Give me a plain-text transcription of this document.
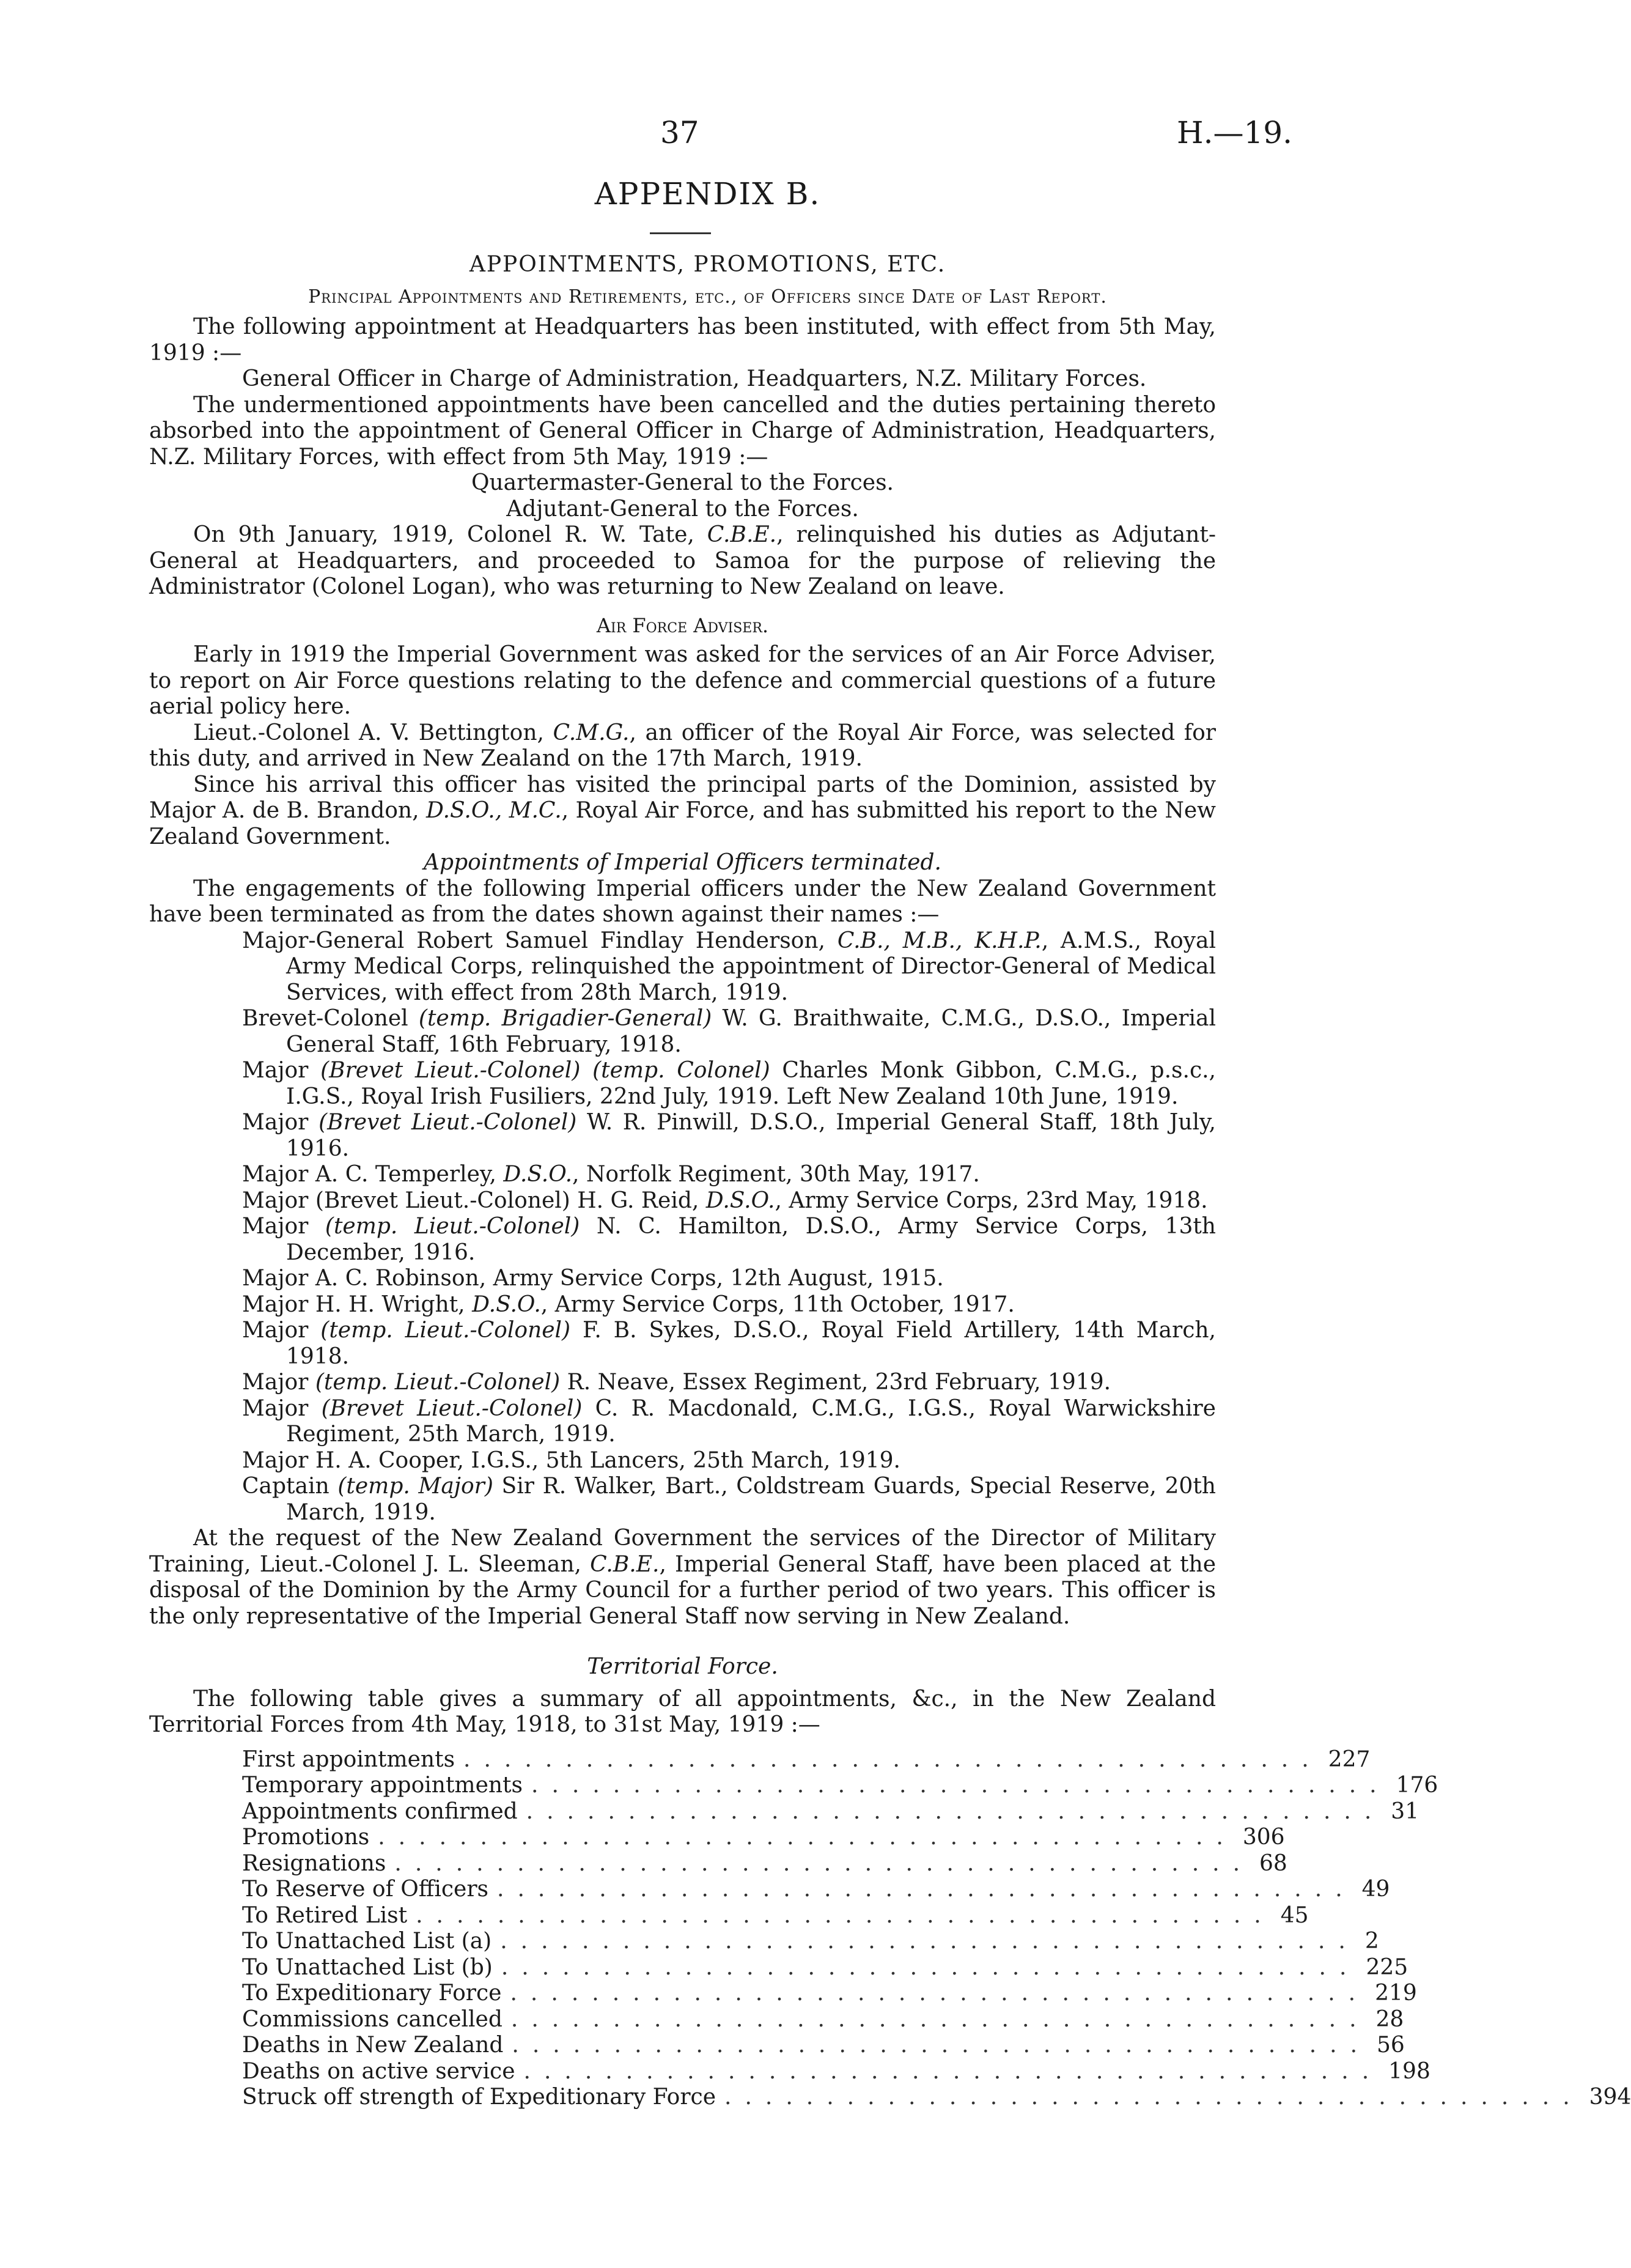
37	H.—19.
APPENDIX B.
APPOINTMENTS, PROMOTIONS, ETC.
Principal Appointments and Retirements, etc., of Officers since Date of Last Report.

The following appointment at Headquarters has been instituted, with effect from 5th May, 1919 :—

General Officer in Charge of Administration, Headquarters, N.Z. Military Forces.

The undermentioned appointments have been cancelled and the duties pertaining thereto absorbed into the appointment of General Officer in Charge of Administration, Headquarters, N.Z. Military Forces, with effect from 5th May, 1919 :—

Quartermaster-General to the Forces.

Adjutant-General to the Forces.

On 9th January, 1919, Colonel R. W. Tate, C.B.E., relinquished his duties as Adjutant-General at Headquarters, and proceeded to Samoa for the purpose of relieving the Administrator (Colonel Logan), who was returning to New Zealand on leave.

Air Force Adviser.

Early in 1919 the Imperial Government was asked for the services of an Air Force Adviser, to report on Air Force questions relating to the defence and commercial questions of a future aerial policy here.

Lieut.-Colonel A. V. Bettington, C.M.G., an officer of the Royal Air Force, was selected for this duty, and arrived in New Zealand on the 17th March, 1919.

Since his arrival this officer has visited the principal parts of the Dominion, assisted by Major A. de B. Brandon, D.S.O., M.C., Royal Air Force, and has submitted his report to the New Zealand Government.

Appointments of Imperial Officers terminated.

The engagements of the following Imperial officers under the New Zealand Government have been terminated as from the dates shown against their names :—

Major-General Robert Samuel Findlay Henderson, C.B., M.B., K.H.P., A.M.S., Royal Army Medical Corps, relinquished the appointment of Director-General of Medical Services, with effect from 28th March, 1919.

Brevet-Colonel (temp. Brigadier-General) W. G. Braithwaite, C.M.G., D.S.O., Imperial General Staff, 16th February, 1918.

Major (Brevet Lieut.-Colonel) (temp. Colonel) Charles Monk Gibbon, C.M.G., p.s.c., I.G.S., Royal Irish Fusiliers, 22nd July, 1919. Left New Zealand 10th June, 1919.

Major (Brevet Lieut.-Colonel) W. R. Pinwill, D.S.O., Imperial General Staff, 18th July, 1916.

Major A. C. Temperley, D.S.O., Norfolk Regiment, 30th May, 1917.

Major (Brevet Lieut.-Colonel) H. G. Reid, D.S.O., Army Service Corps, 23rd May, 1918.

Major (temp. Lieut.-Colonel) N. C. Hamilton, D.S.O., Army Service Corps, 13th December, 1916.

Major A. C. Robinson, Army Service Corps, 12th August, 1915.

Major H. H. Wright, D.S.O., Army Service Corps, 11th October, 1917.

Major (temp. Lieut.-Colonel) F. B. Sykes, D.S.O., Royal Field Artillery, 14th March, 1918.

Major (temp. Lieut.-Colonel) R. Neave, Essex Regiment, 23rd February, 1919.

Major (Brevet Lieut.-Colonel) C. R. Macdonald, C.M.G., I.G.S., Royal Warwickshire Regiment, 25th March, 1919.

Major H. A. Cooper, I.G.S., 5th Lancers, 25th March, 1919.

Captain (temp. Major) Sir R. Walker, Bart., Coldstream Guards, Special Reserve, 20th March, 1919.

At the request of the New Zealand Government the services of the Director of Military Training, Lieut.-Colonel J. L. Sleeman, C.B.E., Imperial General Staff, have been placed at the disposal of the Dominion by the Army Council for a further period of two years. This officer is the only representative of the Imperial General Staff now serving in New Zealand.

Territorial Force.

The following table gives a summary of all appointments, &c., in the New Zealand Territorial Forces from 4th May, 1918, to 31st May, 1919 :—

First appointments .......................................... 227
Temporary appointments .......................................... 176
Appointments confirmed .......................................... 31
Promotions .......................................... 306
Resignations .......................................... 68
To Reserve of Officers .......................................... 49
To Retired List .......................................... 45
To Unattached List (a) .......................................... 2
To Unattached List (b) .......................................... 225
To Expeditionary Force .......................................... 219
Commissions cancelled .......................................... 28
Deaths in New Zealand .......................................... 56
Deaths on active service .......................................... 198
Struck off strength of Expeditionary Force .......................................... 394
